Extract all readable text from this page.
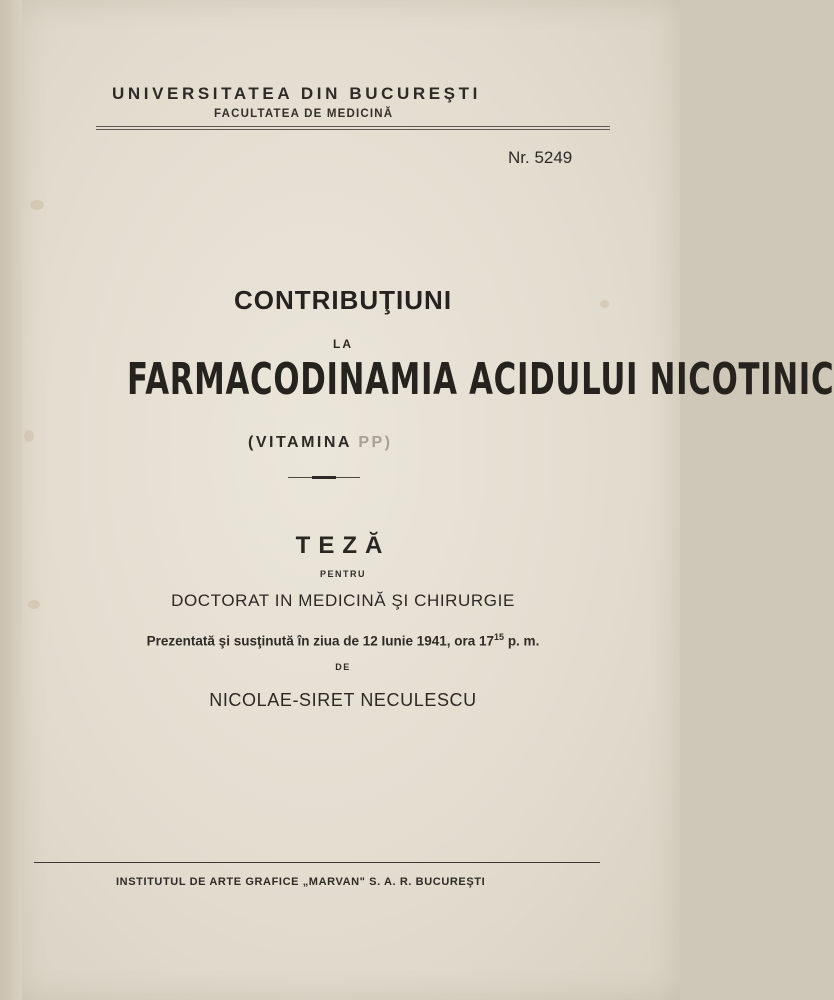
UNIVERSITATEA DIN BUCUREŞTI
FACULTATEA DE MEDICINĂ
Nr. 5249
CONTRIBUŢIUNI
LA
FARMACODINAMIA ACIDULUI NICOTINIC
(VITAMINA PP)
TEZĂ
PENTRU
DOCTORAT IN MEDICINĂ ŞI CHIRURGIE
Prezentată şi susţinută în ziua de 12 Iunie 1941, ora $17^{15}$ p. m.
DE
NICOLAE-SIRET NECULESCU
INSTITUTUL DE ARTE GRAFICE „MARVAN" S. A. R. BUCUREŞTI
